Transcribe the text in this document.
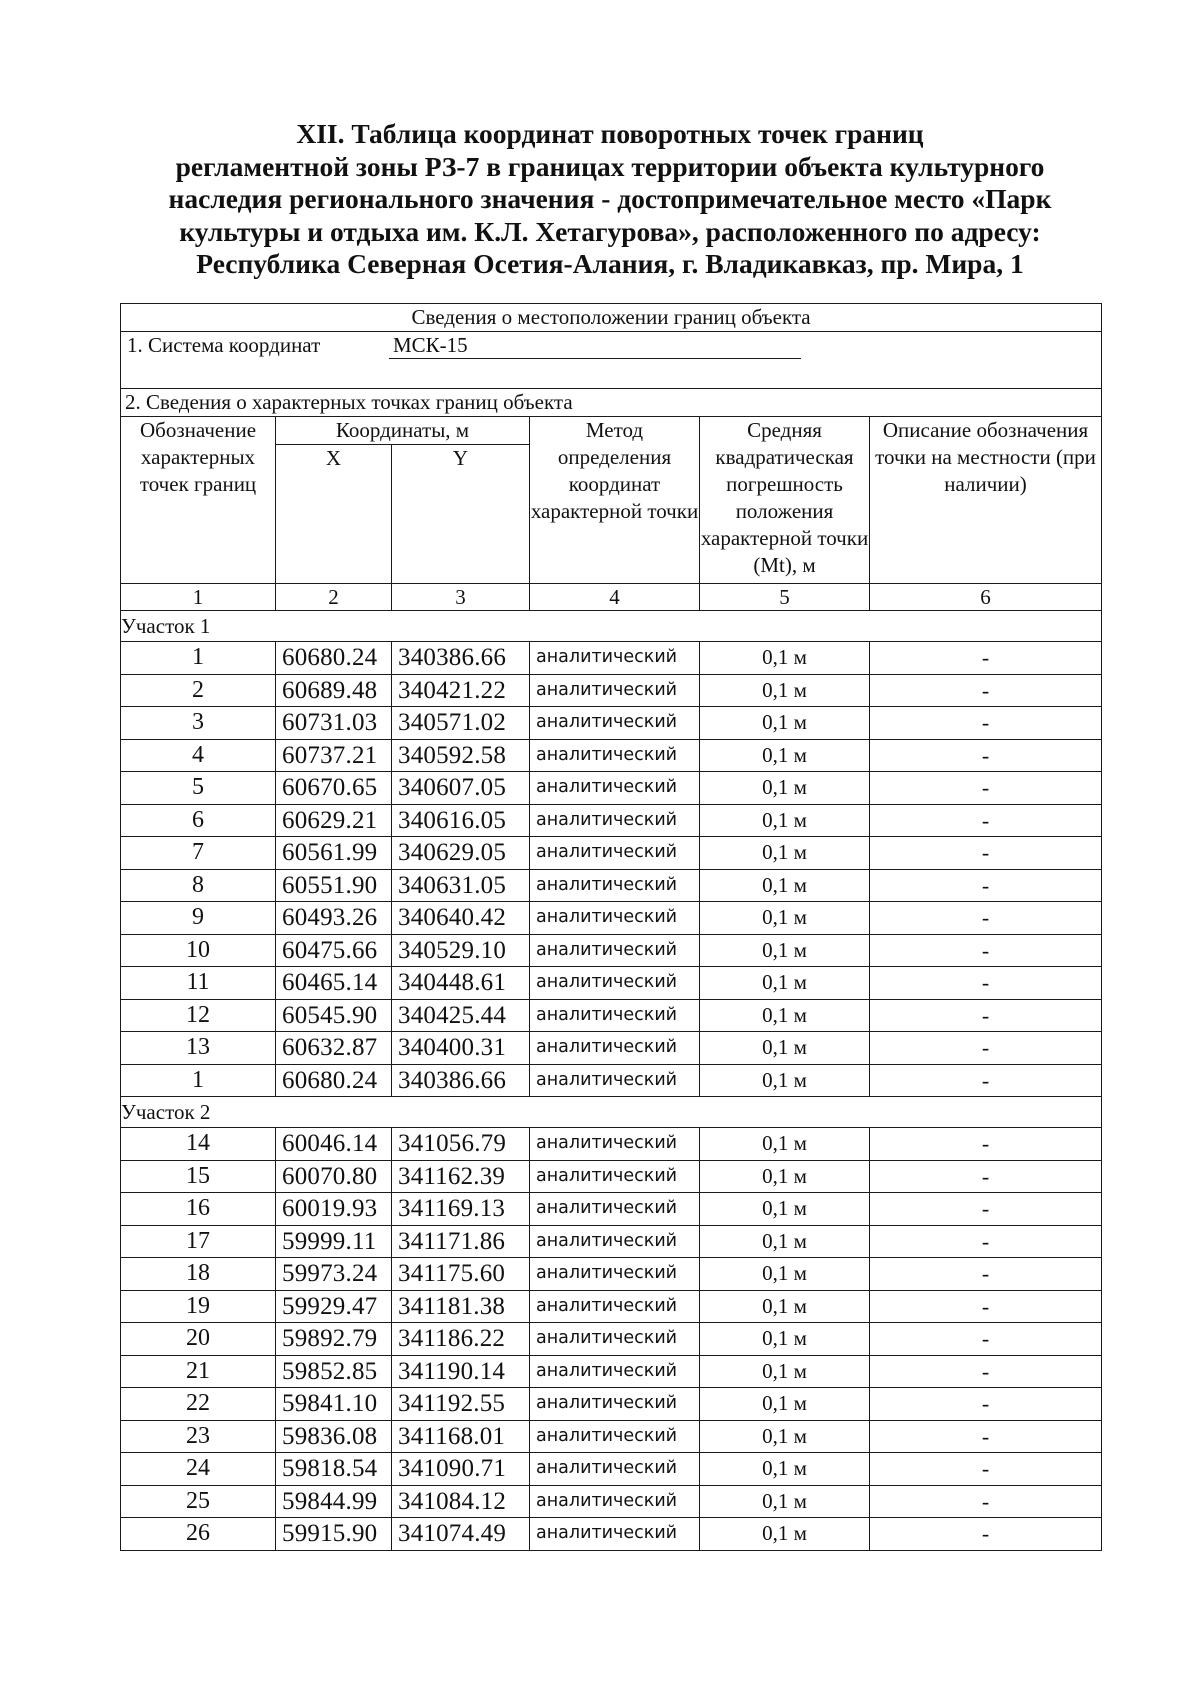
XII. Таблица координат поворотных точек границ
регламентной зоны РЗ-7 в границах территории объекта культурного
наследия регионального значения - достопримечательное место «Парк
культуры и отдыха им. К.Л. Хетагурова», расположенного по адресу:
Республика Северная Осетия-Алания, г. Владикавказ, пр. Мира, 1
Сведения о местоположении границ объекта					
1. Система координат МСК-15					
2. Сведения о характерных точках границ объекта					
Обозначение характерных точек границ	Координаты, м		Метод определения координат характерной точки	Средняя квадратическая погрешность положения характерной точки (Mt), м	Описание обозначения точки на местности (при наличии)
	X	Y			
1	2	3	4	5	6
Участок 1					
1	60680.24	340386.66	аналитический	0,1 м	-
2	60689.48	340421.22	аналитический	0,1 м	-
3	60731.03	340571.02	аналитический	0,1 м	-
4	60737.21	340592.58	аналитический	0,1 м	-
5	60670.65	340607.05	аналитический	0,1 м	-
6	60629.21	340616.05	аналитический	0,1 м	-
7	60561.99	340629.05	аналитический	0,1 м	-
8	60551.90	340631.05	аналитический	0,1 м	-
9	60493.26	340640.42	аналитический	0,1 м	-
10	60475.66	340529.10	аналитический	0,1 м	-
11	60465.14	340448.61	аналитический	0,1 м	-
12	60545.90	340425.44	аналитический	0,1 м	-
13	60632.87	340400.31	аналитический	0,1 м	-
1	60680.24	340386.66	аналитический	0,1 м	-
Участок 2					
14	60046.14	341056.79	аналитический	0,1 м	-
15	60070.80	341162.39	аналитический	0,1 м	-
16	60019.93	341169.13	аналитический	0,1 м	-
17	59999.11	341171.86	аналитический	0,1 м	-
18	59973.24	341175.60	аналитический	0,1 м	-
19	59929.47	341181.38	аналитический	0,1 м	-
20	59892.79	341186.22	аналитический	0,1 м	-
21	59852.85	341190.14	аналитический	0,1 м	-
22	59841.10	341192.55	аналитический	0,1 м	-
23	59836.08	341168.01	аналитический	0,1 м	-
24	59818.54	341090.71	аналитический	0,1 м	-
25	59844.99	341084.12	аналитический	0,1 м	-
26	59915.90	341074.49	аналитический	0,1 м	-
